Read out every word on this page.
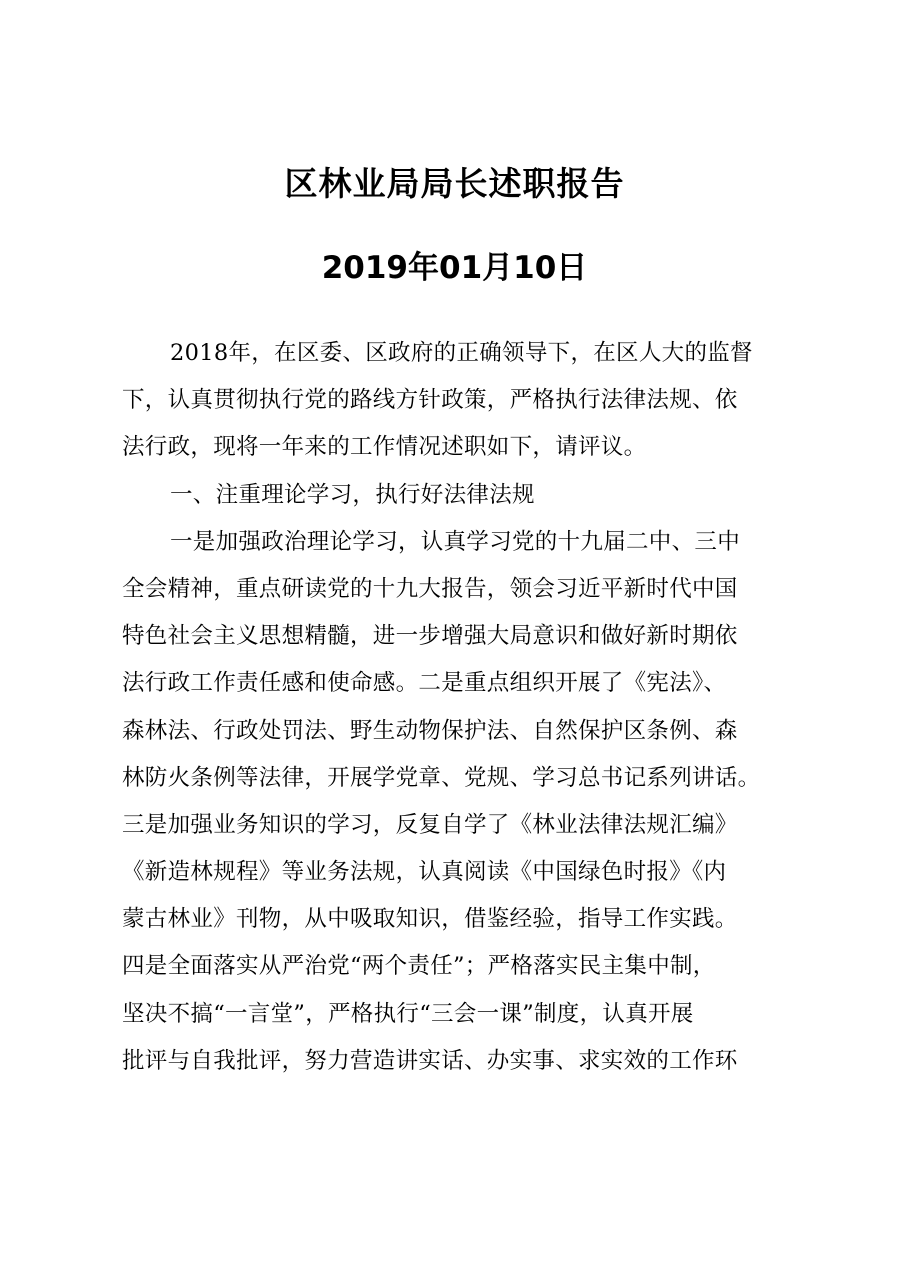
区林业局局长述职报告
2019年01月10日
2018年，在区委、区政府的正确领导下，在区人大的监督
下，认真贯彻执行党的路线方针政策，严格执行法律法规、依
法行政，现将一年来的工作情况述职如下，请评议。
一、注重理论学习，执行好法律法规
一是加强政治理论学习，认真学习党的十九届二中、三中
全会精神，重点研读党的十九大报告，领会习近平新时代中国
特色社会主义思想精髓，进一步增强大局意识和做好新时期依
法行政工作责任感和使命感。二是重点组织开展了《宪法》、
森林法、行政处罚法、野生动物保护法、自然保护区条例、森
林防火条例等法律，开展学党章、党规、学习总书记系列讲话。
三是加强业务知识的学习，反复自学了《林业法律法规汇编》
《新造林规程》等业务法规，认真阅读《中国绿色时报》《内
蒙古林业》刊物，从中吸取知识，借鉴经验，指导工作实践。
四是全面落实从严治党“两个责任”；严格落实民主集中制，
坚决不搞“一言堂”，严格执行“三会一课”制度，认真开展
批评与自我批评，努力营造讲实话、办实事、求实效的工作环
